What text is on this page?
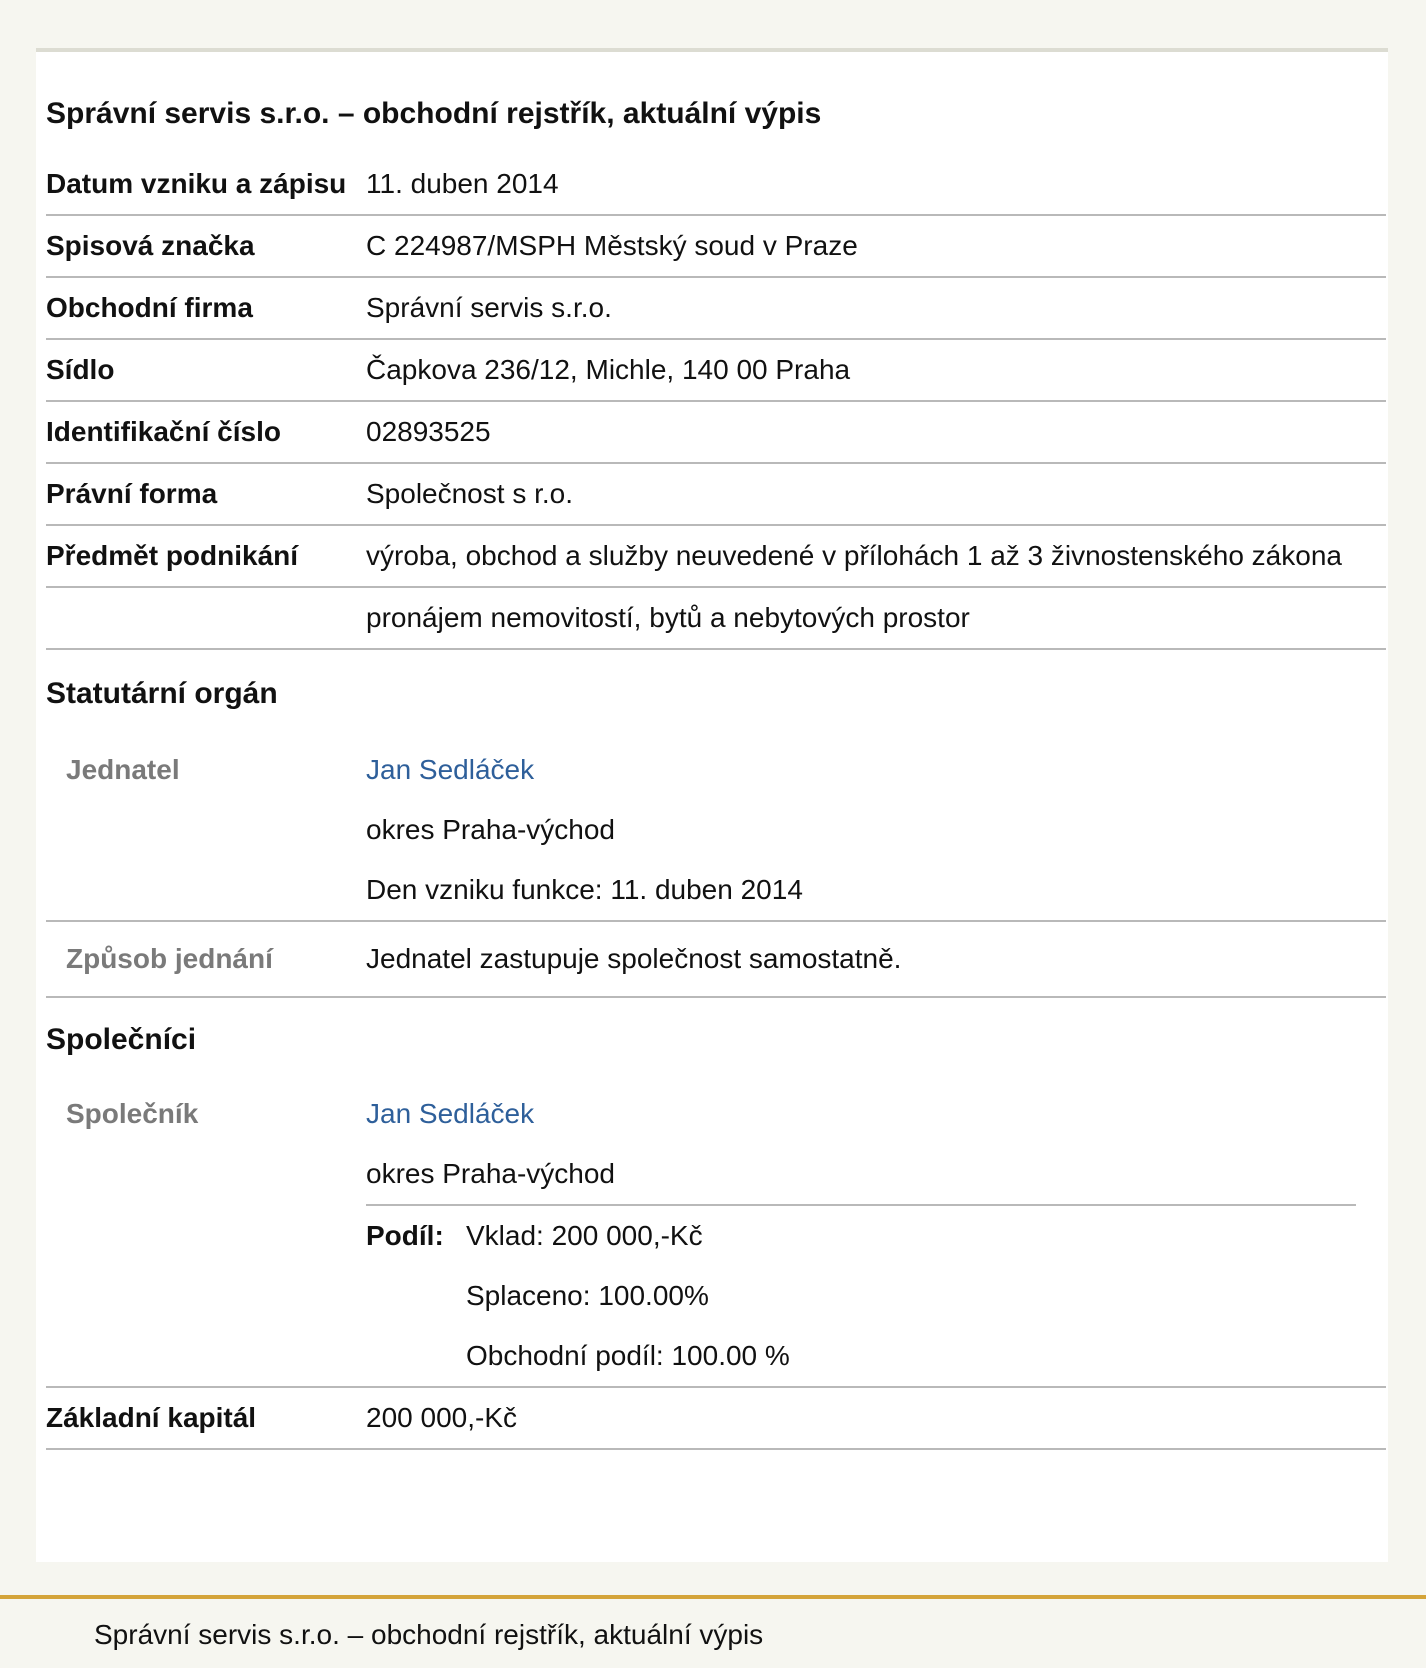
Správní servis s.r.o. – obchodní rejstřík, aktuální výpis
Datum vzniku a zápisu 11. duben 2014
Spisová značka	C 224987/MSPH Městský soud v Praze
Obchodní firma	Správní servis s.r.o.
Sídlo	Čapkova 236/12, Michle, 140 00 Praha
Identifikační číslo	02893525
Právní forma	Společnost s r.o.
Předmět podnikání	výroba, obchod a služby neuvedené v přílohách 1 až 3 živnostenského zákona
pronájem nemovitostí, bytů a nebytových prostor
Statutární orgán
Jednatel	Jan Sedláček
okres Praha-východ
Den vzniku funkce: 11. duben 2014
Způsob jednání	Jednatel zastupuje společnost samostatně.
Společníci
Společník	Jan Sedláček
okres Praha-východ
Podíl: Vklad: 200 000,-Kč
Splaceno: 100.00%
Obchodní podíl: 100.00 %
Základní kapitál	200 000,-Kč
Správní servis s.r.o. – obchodní rejstřík, aktuální výpis
